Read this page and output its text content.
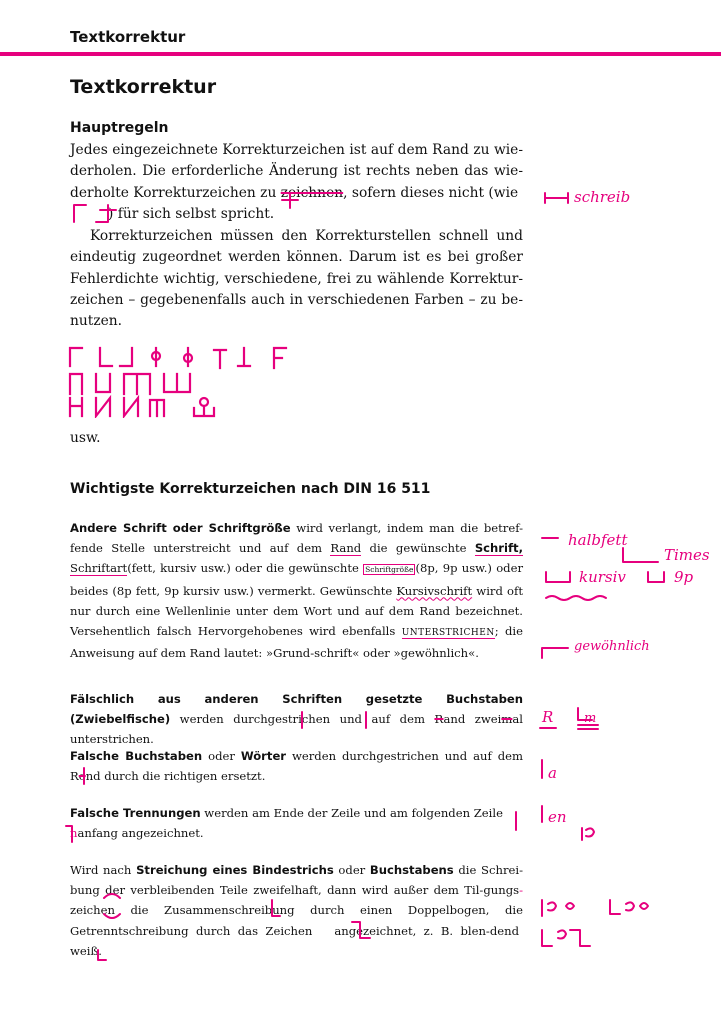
Textkorrektur
Textkorrektur
Hauptregeln
Jedes eingezeichnete Korrekturzeichen ist auf dem Rand zu wie- derholen. Die erforderliche Änderung ist rechts neben das wie- derholte Korrekturzeichen zu zeichnen, sofern dieses nicht (wie
) für sich selbst spricht.
Korrekturzeichen müssen den Korrekturstellen schnell und eindeutig zugeordnet werden können. Darum ist es bei großer Fehlerdichte wichtig, verschiedene, frei zu wählende Korrektur-zeichen – gegebenenfalls auch in verschiedenen Farben – zu be-nutzen.
usw.
Wichtigste Korrekturzeichen nach DIN 16 511
Andere Schrift oder Schriftgröße wird verlangt, indem man die betref-fende Stelle unterstreicht und auf dem Rand die gewünschte Schrift, Schriftart(fett, kursiv usw.) oder die gewünschte Schriftgröße (8p, 9p usw.) oder beides (8p fett, 9p kursiv usw.) vermerkt. Gewünschte Kursivschrift wird oft nur durch eine Wellenlinie unter dem Wort und auf dem Rand bezeichnet. Versehentlich falsch Hervorgehobenes wird ebenfalls UNTERSTRICHEN; die Anweisung auf dem Rand lautet: »Grund-schrift« oder »gewöhnlich«.
Fälschlich aus anderen Schriften gesetzte Buchstaben (Zwiebelfische) werden durchgestrichen und auf dem Rand zweimal unterstrichen.
Falsche Buchstaben oder Wörter werden durchgestrichen und auf dem Rond durch die richtigen ersetzt.
Falsche Trennungen werden am Ende der Zeile und am folgenden Zeile
nanfang angezeichnet.
Wird nach Streichung eines Bindestrichs oder Buchstabens die Schrei-bung der verbleibenden Teile zweifelhaft, dann wird außer dem Til-gungs-zeichen die Zusammenschreibung durch einen Doppelbogen, die Getrenntschreibung durch das Zeichen angezeichnet, z. B. blen-dendweiß.
schreib
halbfett
Times
kursiv	9p
gewöhnlich
R m
a
en
